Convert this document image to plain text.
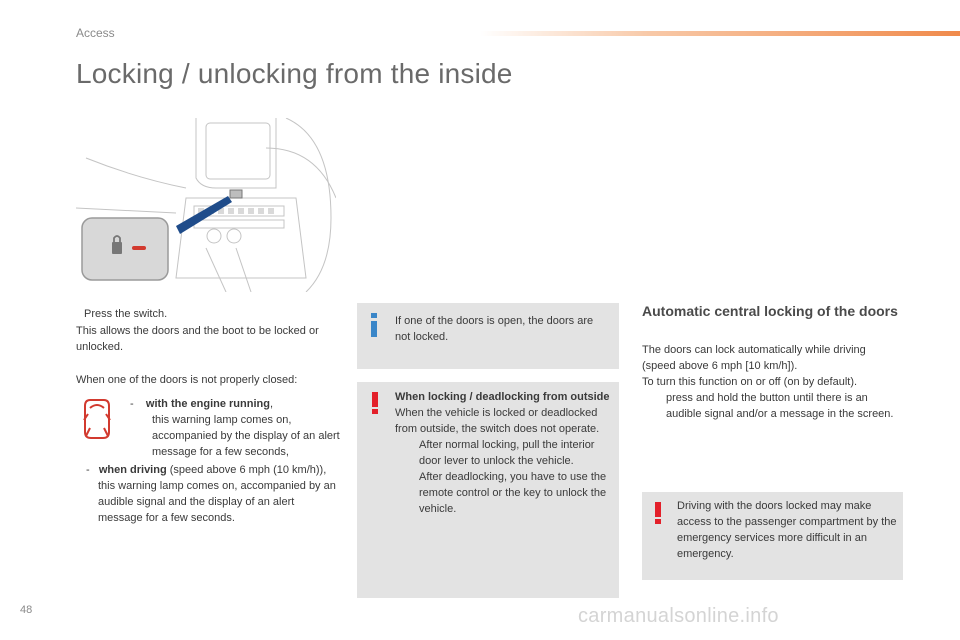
Access
Locking / unlocking from the inside
Press the switch.
This allows the doors and the boot to be locked or unlocked.
When one of the doors is not properly closed:
- with the engine running,

this warning lamp comes on, accompanied by the display of an alert message for a few seconds,
- when driving (speed above 6 mph (10 km/h)), this warning lamp comes on, accompanied by an audible signal and the display of an alert message for a few seconds.
If one of the doors is open, the doors are not locked.
When locking / deadlocking from outside
When the vehicle is locked or deadlocked from outside, the switch does not operate.
After normal locking, pull the interior door lever to unlock the vehicle.
After deadlocking, you have to use the remote control or the key to unlock the vehicle.
Automatic central locking of the doors
The doors can lock automatically while driving (speed above 6 mph [10 km/h]).
To turn this function on or off (on by default).
press and hold the button until there is an audible signal and/or a message in the screen.
Driving with the doors locked may make access to the passenger compartment by the emergency services more difficult in an emergency.
48	carmanualsonline.info
